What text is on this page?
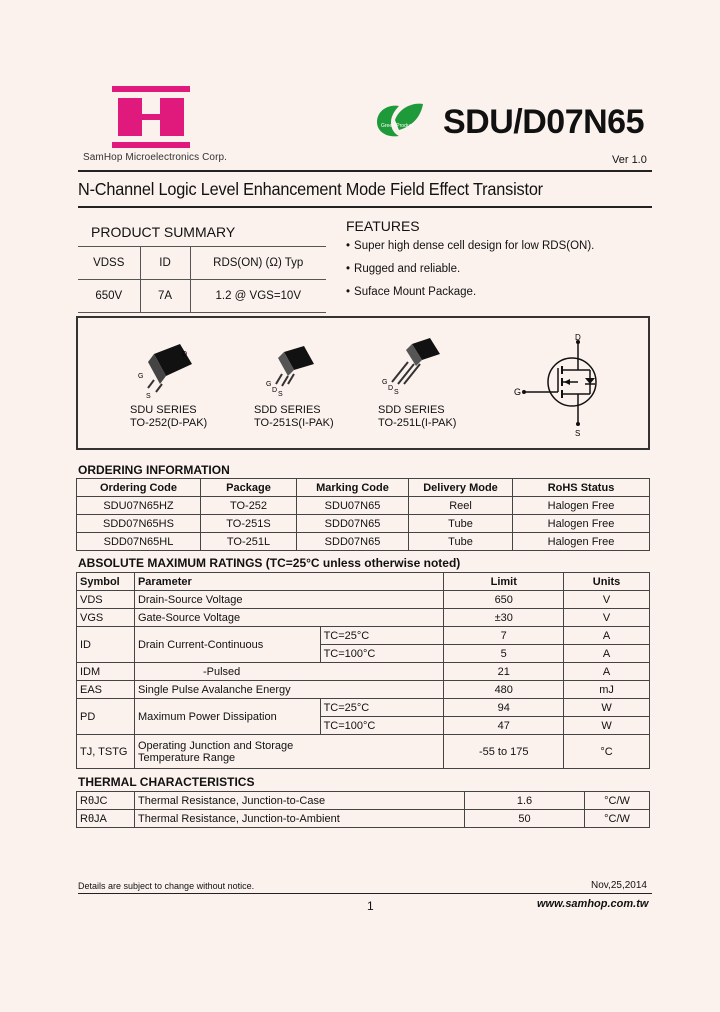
SamHop Microelectronics Corp.
Green Product SDU/D07N65
Ver 1.0
N-Channel Logic Level Enhancement Mode Field Effect Transistor
PRODUCT SUMMARY
VDSS	ID	RDS(ON) (Ω) Typ
650V	7A	1.2 @ VGS=10V
FEATURES
• Super high dense cell design for low RDS(ON).
• Rugged and reliable.
• Suface Mount Package.
D
G
S
SDU SERIES
TO-252(D-PAK)
G
D
S
SDD SERIES
TO-251S(I-PAK)
G
D
S
SDD SERIES
TO-251L(I-PAK)
D
G
S
ORDERING INFORMATION
Ordering Code	Package	Marking Code	Delivery Mode	RoHS Status
SDU07N65HZ	TO-252	SDU07N65	Reel	Halogen Free
SDD07N65HS	TO-251S	SDD07N65	Tube	Halogen Free
SDD07N65HL	TO-251L	SDD07N65	Tube	Halogen Free
ABSOLUTE MAXIMUM RATINGS (TC=25°C unless otherwise noted)
Symbol	Parameter		Limit	Units
VDS	Drain-Source Voltage		650	V
VGS	Gate-Source Voltage		±30	V
ID	Drain Current-Continuous	TC=25°C	7	A
		TC=100°C	5	A
IDM	-Pulsed		21	A
EAS	Single Pulse Avalanche Energy		480	mJ
PD	Maximum Power Dissipation	TC=25°C	94	W
		TC=100°C	47	W
TJ, TSTG	Operating Junction and Storage
Temperature Range		-55 to 175	°C
THERMAL CHARACTERISTICS
RθJC	Thermal Resistance, Junction-to-Case	1.6	°C/W
RθJA	Thermal Resistance, Junction-to-Ambient	50	°C/W
Details are subject to change without notice.	Nov,25,2014
1	www.samhop.com.tw
